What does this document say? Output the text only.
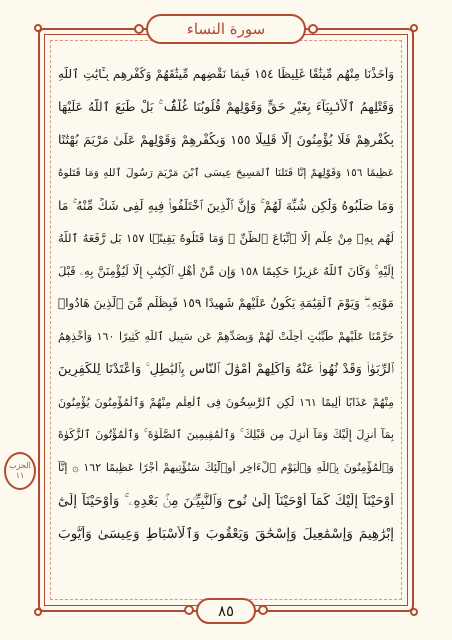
سورة النساء
وَأَخَذْنَا مِنْهُم مِّيثَٰقًا غَلِيظًا ١٥٤ فَبِمَا نَقْضِهِم مِّيثَٰقَهُمْ وَكُفْرِهِم بِـَٔايَٰتِ ٱللَّهِ
وَقَتْلِهِمُ ٱلْأَنۢبِيَآءَ بِغَيْرِ حَقٍّ وَقَوْلِهِمْ قُلُوبُنَا غُلْفٌۢ ۚ بَلْ طَبَعَ ٱللَّهُ عَلَيْهَا
بِكُفْرِهِمْ فَلَا يُؤْمِنُونَ إِلَّا قَلِيلًا ١٥٥ وَبِكُفْرِهِمْ وَقَوْلِهِمْ عَلَىٰ مَرْيَمَ بُهْتَٰنًا
عَظِيمًا ١٥٦ وَقَوْلِهِمْ إِنَّا قَتَلْنَا ٱلْمَسِيحَ عِيسَى ٱبْنَ مَرْيَمَ رَسُولَ ٱللَّهِ وَمَا قَتَلُوهُ
وَمَا صَلَبُوهُ وَلَٰكِن شُبِّهَ لَهُمْ ۚ وَإِنَّ ٱلَّذِينَ ٱخْتَلَفُوا۟ فِيهِ لَفِى شَكٍّ مِّنْهُ ۚ مَا
لَهُم بِهِۦ مِنْ عِلْمٍ إِلَّا ٱتِّبَاعَ ٱلظَّنِّ ۚ وَمَا قَتَلُوهُ يَقِينًۢا ١٥٧ بَل رَّفَعَهُ ٱللَّهُ
إِلَيْهِ ۚ وَكَانَ ٱللَّهُ عَزِيزًا حَكِيمًا ١٥٨ وَإِن مِّنْ أَهْلِ ٱلْكِتَٰبِ إِلَّا لَيُؤْمِنَنَّ بِهِۦ قَبْلَ
مَوْتِهِۦ ۖ وَيَوْمَ ٱلْقِيَٰمَةِ يَكُونُ عَلَيْهِمْ شَهِيدًا ١٥٩ فَبِظُلْمٍ مِّنَ ٱلَّذِينَ هَادُوا۟
حَرَّمْنَا عَلَيْهِمْ طَيِّبَٰتٍ أُحِلَّتْ لَهُمْ وَبِصَدِّهِمْ عَن سَبِيلِ ٱللَّهِ كَثِيرًا ١٦٠ وَأَخْذِهِمُ
ٱلرِّبَوٰا۟ وَقَدْ نُهُوا۟ عَنْهُ وَأَكْلِهِمْ أَمْوَٰلَ ٱلنَّاسِ بِٱلْبَٰطِلِ ۚ وَأَعْتَدْنَا لِلْكَٰفِرِينَ
مِنْهُمْ عَذَابًا أَلِيمًا ١٦١ لَّٰكِنِ ٱلرَّٰسِخُونَ فِى ٱلْعِلْمِ مِنْهُمْ وَٱلْمُؤْمِنُونَ يُؤْمِنُونَ
بِمَآ أُنزِلَ إِلَيْكَ وَمَآ أُنزِلَ مِن قَبْلِكَ ۚ وَٱلْمُقِيمِينَ ٱلصَّلَوٰةَ ۚ وَٱلْمُؤْتُونَ ٱلزَّكَوٰةَ
وَٱلْمُؤْمِنُونَ بِٱللَّهِ وَٱلْيَوْمِ ٱلْءَاخِرِ أُو۟لَٰٓئِكَ سَنُؤْتِيهِمْ أَجْرًا عَظِيمًا ١٦٢ ۞ إِنَّآ
أَوْحَيْنَآ إِلَيْكَ كَمَآ أَوْحَيْنَآ إِلَىٰ نُوحٍ وَٱلنَّبِيِّـۧنَ مِنۢ بَعْدِهِۦ ۚ وَأَوْحَيْنَآ إِلَىٰٓ
إِبْرَٰهِيمَ وَإِسْمَٰعِيلَ وَإِسْحَٰقَ وَيَعْقُوبَ وَٱلْأَسْبَاطِ وَعِيسَىٰ وَأَيُّوبَ
الحزب ١١
٨٥
